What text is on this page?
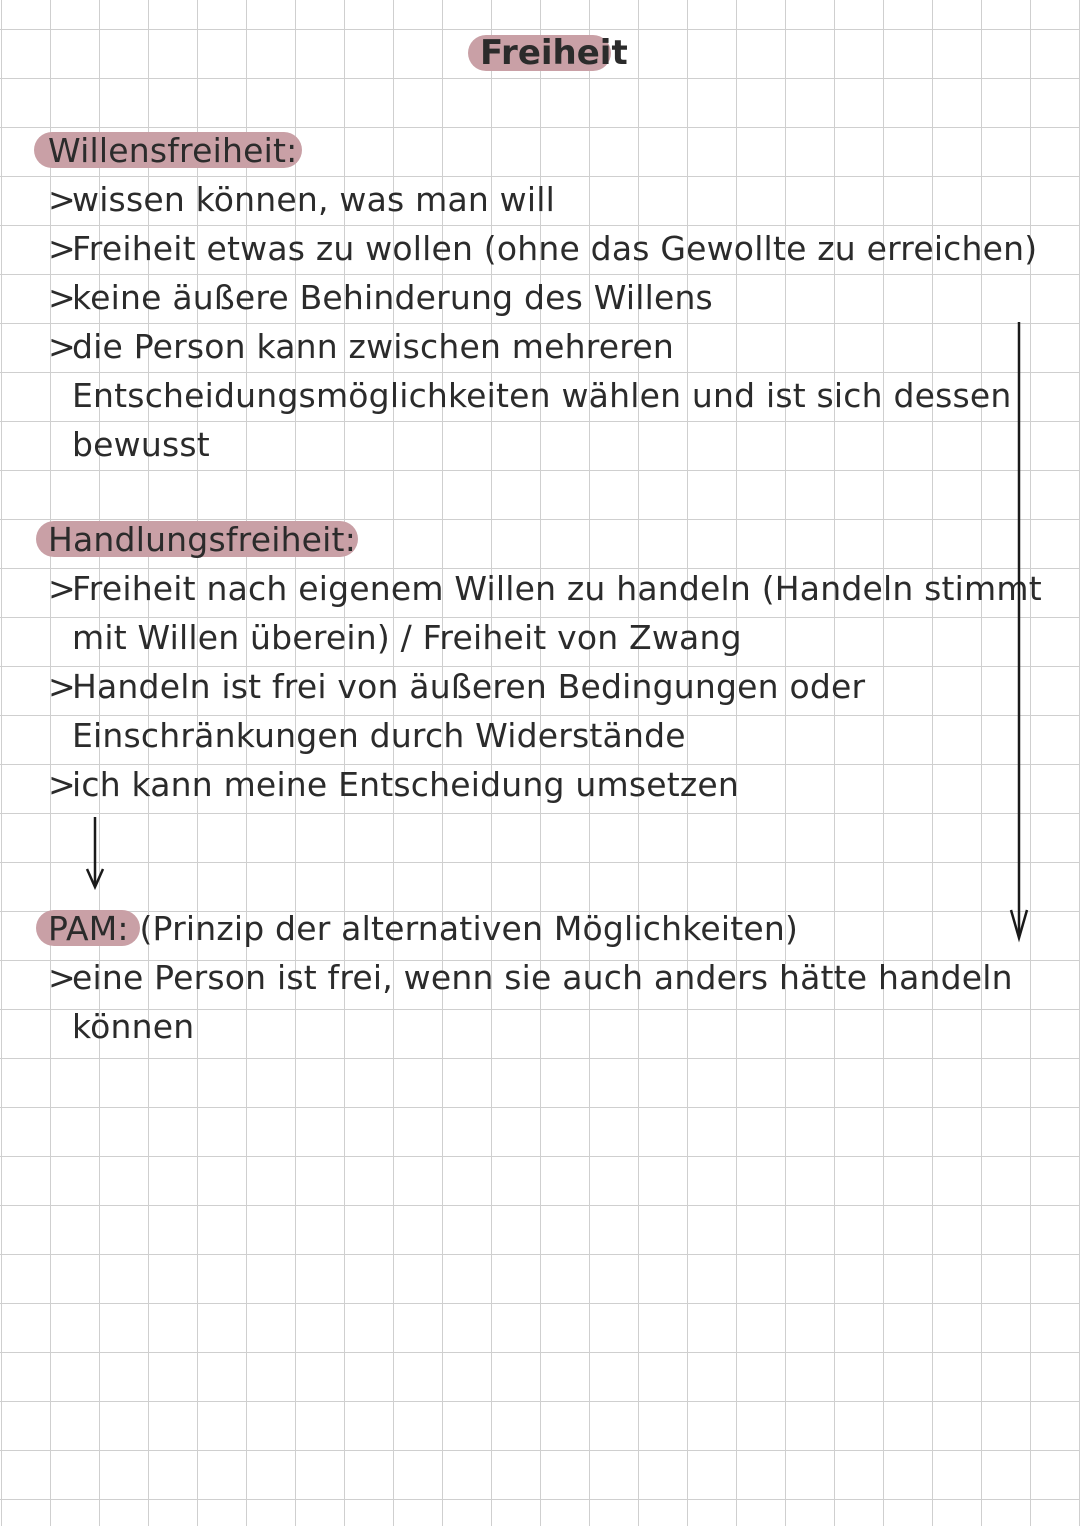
Freiheit
Willensfreiheit:
>wissen können, was man will
>Freiheit etwas zu wollen (ohne das Gewollte zu erreichen)
>keine äußere Behinderung des Willens
>die Person kann zwischen mehreren
Entscheidungsmöglichkeiten wählen und ist sich dessen
bewusst
Handlungsfreiheit:
>Freiheit nach eigenem Willen zu handeln (Handeln stimmt
mit Willen überein) / Freiheit von Zwang
>Handeln ist frei von äußeren Bedingungen oder
Einschränkungen durch Widerstände
>ich kann meine Entscheidung umsetzen
PAM: (Prinzip der alternativen Möglichkeiten)
>eine Person ist frei, wenn sie auch anders hätte handeln
können
